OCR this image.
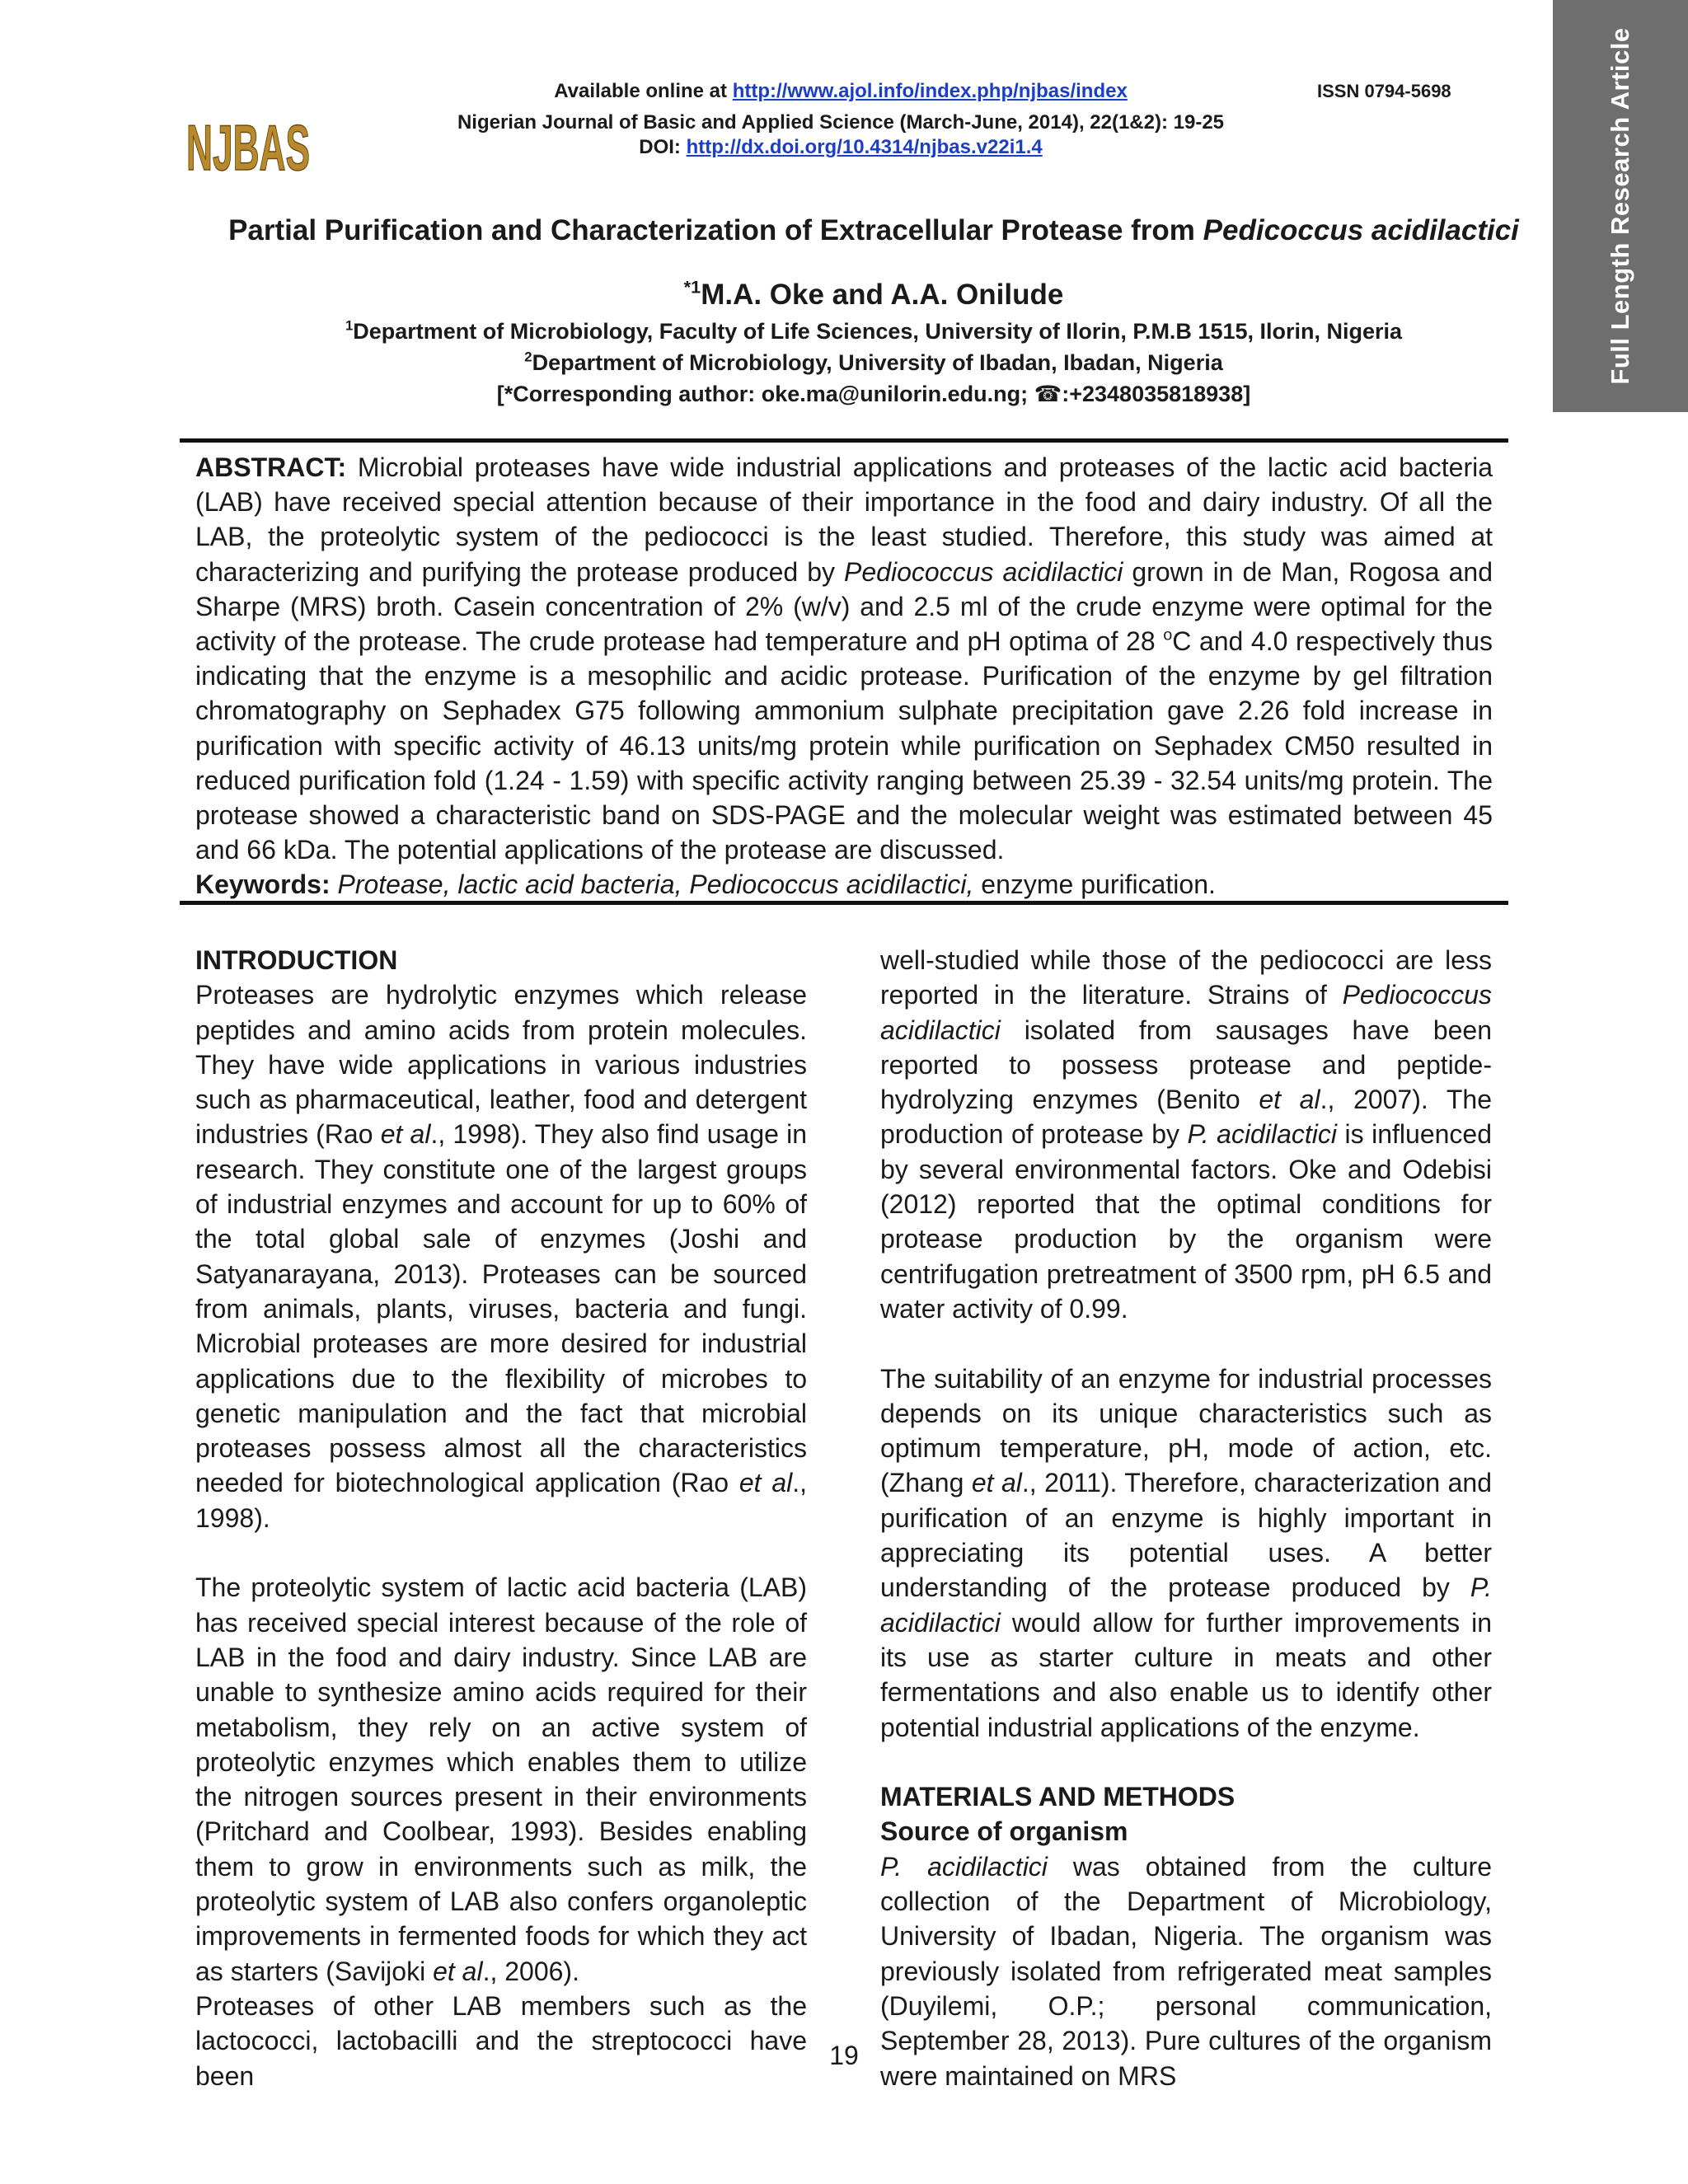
Full Length Research Article
NJBAS
Available online at http://www.ajol.info/index.php/njbas/index	ISSN 0794-5698
Nigerian Journal of Basic and Applied Science (March-June, 2014), 22(1&2): 19-25
DOI: http://dx.doi.org/10.4314/njbas.v22i1.4
Partial Purification and Characterization of Extracellular Protease from Pedicoccus acidilactici
$^{*1}$M.A. Oke and A.A. Onilude
$^1$Department of Microbiology, Faculty of Life Sciences, University of Ilorin, P.M.B 1515, Ilorin, Nigeria
$^2$Department of Microbiology, University of Ibadan, Ibadan, Nigeria
[*Corresponding author: oke.ma@unilorin.edu.ng; ☎:+2348035818938]

ABSTRACT: Microbial proteases have wide industrial applications and proteases of the lactic acid bacteria (LAB) have received special attention because of their importance in the food and dairy industry. Of all the LAB, the proteolytic system of the pediococci is the least studied. Therefore, this study was aimed at characterizing and purifying the protease produced by Pediococcus acidilactici grown in de Man, Rogosa and Sharpe (MRS) broth. Casein concentration of 2% (w/v) and 2.5 ml of the crude enzyme were optimal for the activity of the protease. The crude protease had temperature and pH optima of 28 $^o$C and 4.0 respectively thus indicating that the enzyme is a mesophilic and acidic protease. Purification of the enzyme by gel filtration chromatography on Sephadex G75 following ammonium sulphate precipitation gave 2.26 fold increase in purification with specific activity of 46.13 units/mg protein while purification on Sephadex CM50 resulted in reduced purification fold (1.24 - 1.59) with specific activity ranging between 25.39 - 32.54 units/mg protein. The protease showed a characteristic band on SDS-PAGE and the molecular weight was estimated between 45 and 66 kDa. The potential applications of the protease are discussed.

Keywords: Protease, lactic acid bacteria, Pediococcus acidilactici, enzyme purification.

INTRODUCTION

Proteases are hydrolytic enzymes which release peptides and amino acids from protein molecules. They have wide applications in various industries such as pharmaceutical, leather, food and detergent industries (Rao et al., 1998). They also find usage in research. They constitute one of the largest groups of industrial enzymes and account for up to 60% of the total global sale of enzymes (Joshi and Satyanarayana, 2013). Proteases can be sourced from animals, plants, viruses, bacteria and fungi. Microbial proteases are more desired for industrial applications due to the flexibility of microbes to genetic manipulation and the fact that microbial proteases possess almost all the characteristics needed for biotechnological application (Rao et al., 1998).

The proteolytic system of lactic acid bacteria (LAB) has received special interest because of the role of LAB in the food and dairy industry. Since LAB are unable to synthesize amino acids required for their metabolism, they rely on an active system of proteolytic enzymes which enables them to utilize the nitrogen sources present in their environments (Pritchard and Coolbear, 1993). Besides enabling them to grow in environments such as milk, the proteolytic system of LAB also confers organoleptic improvements in fermented foods for which they act as starters (Savijoki et al., 2006).

Proteases of other LAB members such as the lactococci, lactobacilli and the streptococci have been

well-studied while those of the pediococci are less reported in the literature. Strains of Pediococcus acidilactici isolated from sausages have been reported to possess protease and peptide-hydrolyzing enzymes (Benito et al., 2007). The production of protease by P. acidilactici is influenced by several environmental factors. Oke and Odebisi (2012) reported that the optimal conditions for protease production by the organism were centrifugation pretreatment of 3500 rpm, pH 6.5 and water activity of 0.99.

The suitability of an enzyme for industrial processes depends on its unique characteristics such as optimum temperature, pH, mode of action, etc. (Zhang et al., 2011). Therefore, characterization and purification of an enzyme is highly important in appreciating its potential uses. A better understanding of the protease produced by P. acidilactici would allow for further improvements in its use as starter culture in meats and other fermentations and also enable us to identify other potential industrial applications of the enzyme.

MATERIALS AND METHODS
Source of organism

P. acidilactici was obtained from the culture collection of the Department of Microbiology, University of Ibadan, Nigeria. The organism was previously isolated from refrigerated meat samples (Duyilemi, O.P.; personal communication, September 28, 2013). Pure cultures of the organism were maintained on MRS

19
